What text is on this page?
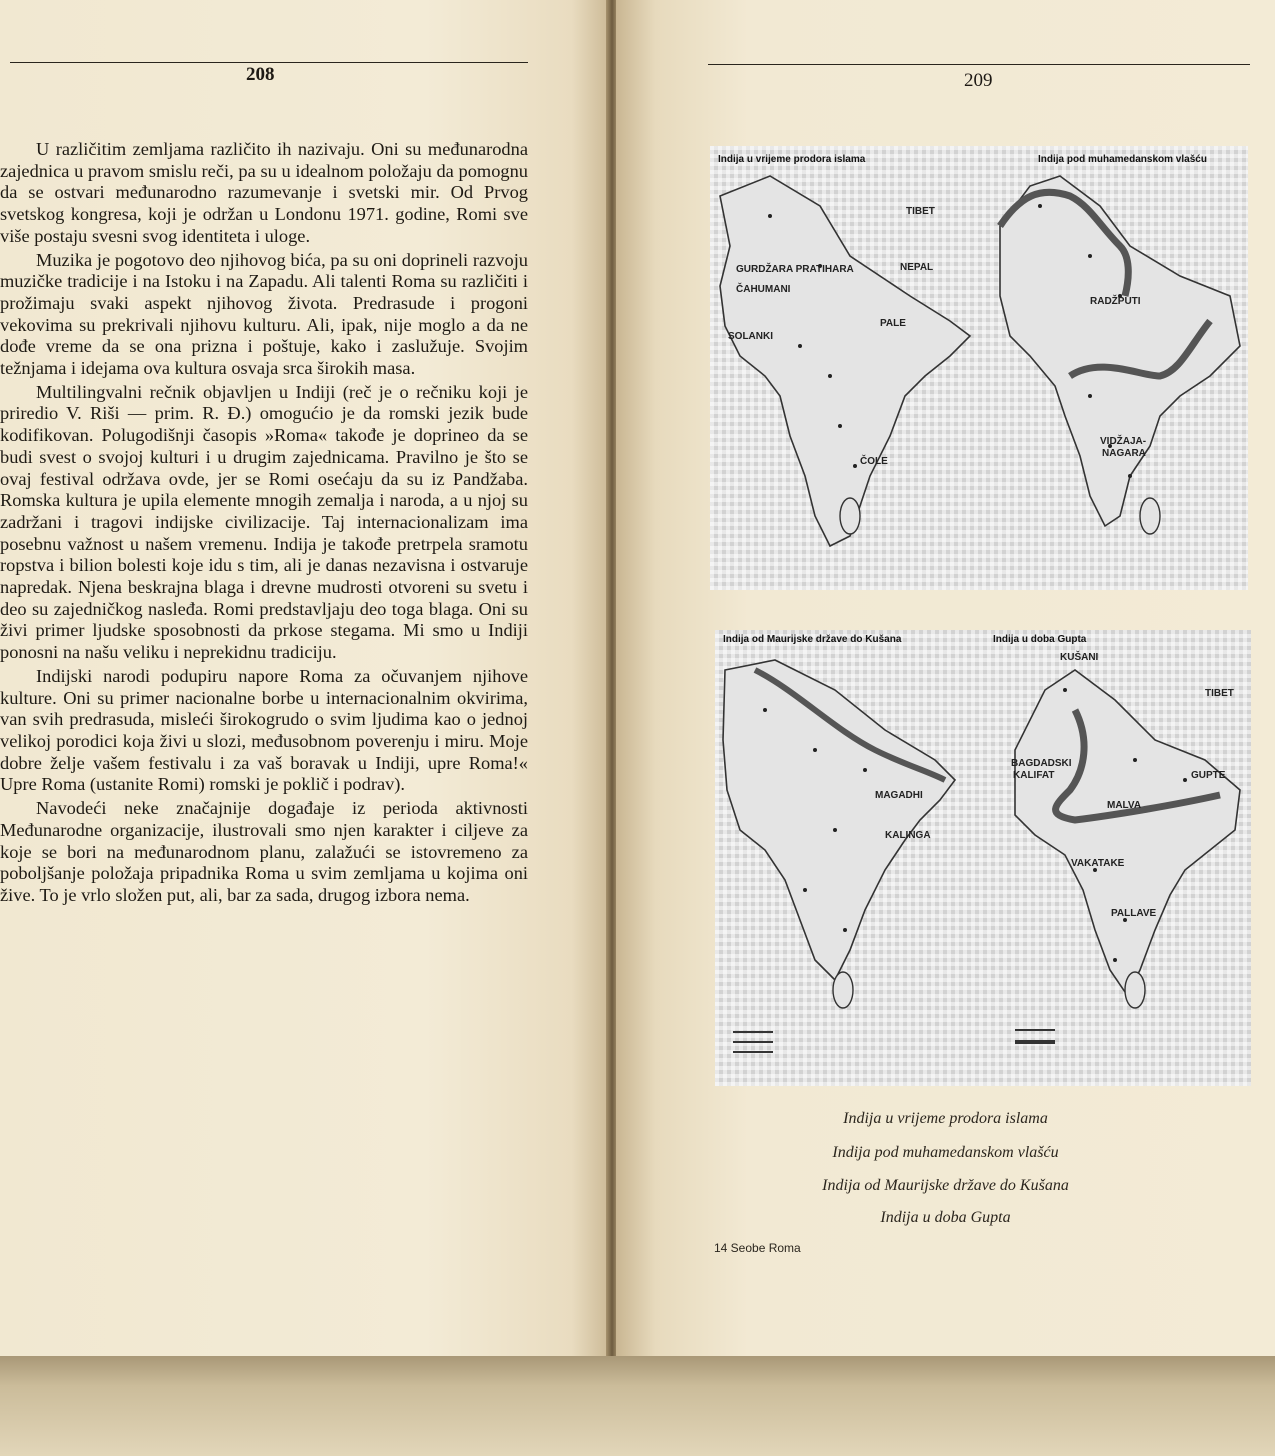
208

U različitim zemljama različito ih nazivaju. Oni su međunarodna zajednica u pravom smislu reči, pa su u idealnom položaju da pomognu da se ostvari međunarodno razumevanje i svetski mir. Od Prvog svetskog kongresa, koji je održan u Londonu 1971. godine, Romi sve više postaju svesni svog identiteta i uloge.

Muzika je pogotovo deo njihovog bića, pa su oni doprineli razvoju muzičke tradicije i na Istoku i na Zapadu. Ali talenti Roma su različiti i prožimaju svaki aspekt njihovog života. Predrasude i progoni vekovima su prekrivali njihovu kulturu. Ali, ipak, nije moglo a da ne dođe vreme da se ona prizna i poštuje, kako i zaslužuje. Svojim težnjama i idejama ova kultura osvaja srca širokih masa.

Multilingvalni rečnik objavljen u Indiji (reč je o rečniku koji je priredio V. Riši — prim. R. Đ.) omogućio je da romski jezik bude kodifikovan. Polugodišnji časopis »Roma« takođe je doprineo da se budi svest o svojoj kulturi i u drugim zajednicama. Pravilno je što se ovaj festival održava ovde, jer se Romi osećaju da su iz Pandžaba. Romska kultura je upila elemente mnogih zemalja i naroda, a u njoj su zadržani i tragovi indijske civilizacije. Taj internacionalizam ima posebnu važnost u našem vremenu. Indija je takođe pretrpela sramotu ropstva i bilion bolesti koje idu s tim, ali je danas nezavisna i ostvaruje napredak. Njena beskrajna blaga i drevne mudrosti otvoreni su svetu i deo su zajedničkog nasleđa. Romi predstavljaju deo toga blaga. Oni su živi primer ljudske sposobnosti da prkose stegama. Mi smo u Indiji ponosni na našu veliku i neprekidnu tradiciju.

Indijski narodi podupiru napore Roma za očuvanjem njihove kulture. Oni su primer nacionalne borbe u internacionalnim okvirima, van svih predrasuda, misleći širokogrudo o svim ljudima kao o jednoj velikoj porodici koja živi u slozi, međusobnom poverenju i miru. Moje dobre želje vašem festivalu i za vaš boravak u Indiji, upre Roma!« Upre Roma (ustanite Romi) romski je poklič i podrav).

Navodeći neke značajnije događaje iz perioda aktivnosti Međunarodne organizacije, ilustrovali smo njen karakter i ciljeve za koje se bori na međunarodnom planu, zalažući se istovremeno za poboljšanje položaja pripadnika Roma u svim zemljama u kojima oni žive. To je vrlo složen put, ali, bar za sada, drugog izbora nema.

209
Indija u vrijeme prodora islama	Indija pod muhamedanskom vlašću
TIBET
NEPAL
GURDŽARA PRATIHARA
ČAHUMANI
PALE
SOLANKI
RADŽPUTI
VIDŽAJA-
NAGARA
ČOLE
Indija od Maurijske države do Kušana	Indija u doba Gupta
KUŠANI
TIBET
MAGADHI
KALINGA
BAGDADSKI
KALIFAT	GUPTE
MALVA
VAKATAKE
PALLAVE
Indija u vrijeme prodora islama
Indija pod muhamedanskom vlašću
Indija od Maurijske države do Kušana
Indija u doba Gupta
14 Seobe Roma
